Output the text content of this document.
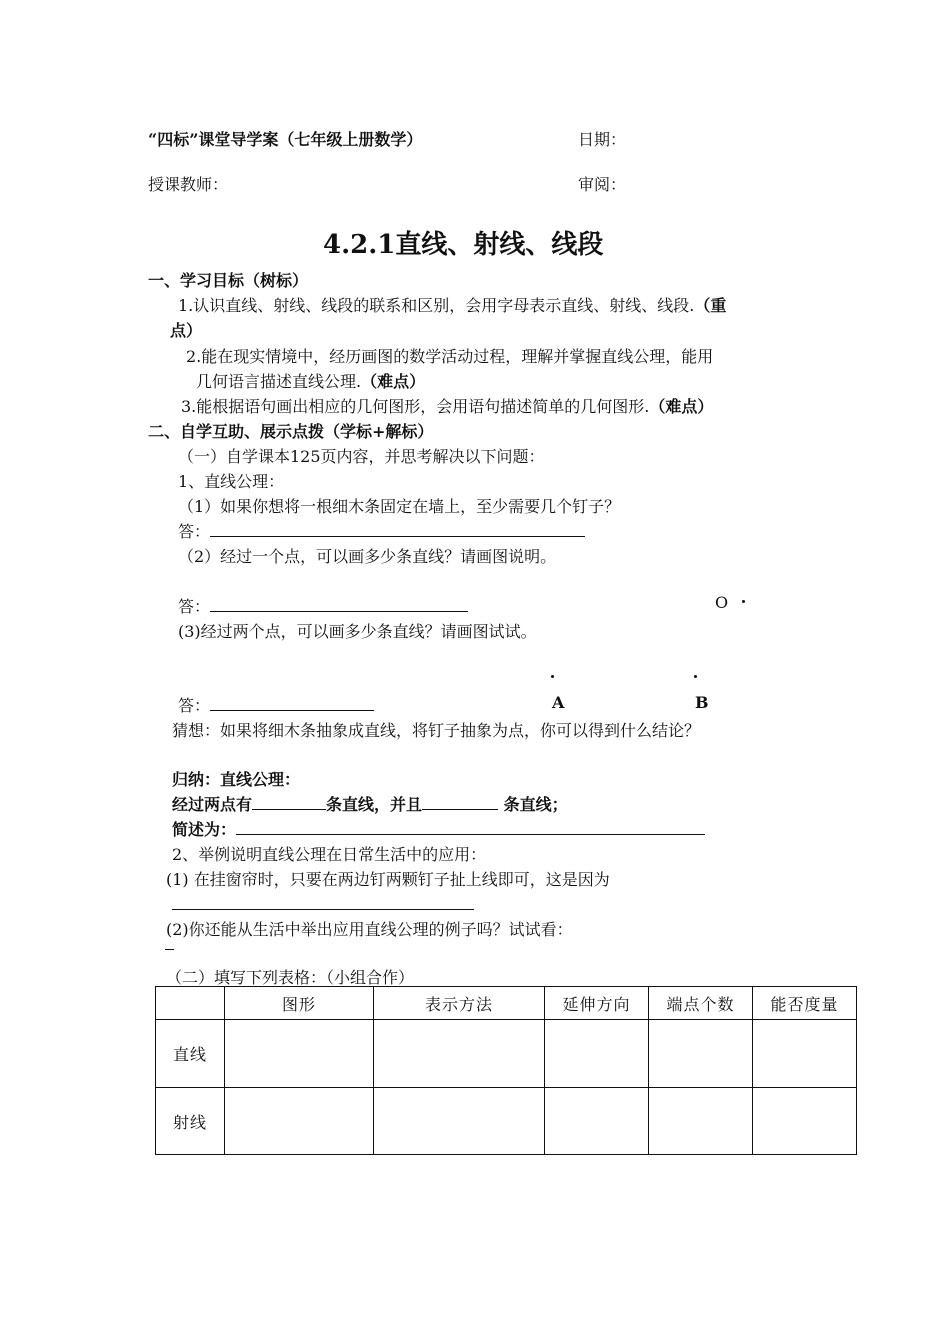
“四标”课堂导学案（七年级上册数学）	日期：
授课教师：	审阅：
4.2.1直线、射线、线段
一、学习目标（树标）
1.认识直线、射线、线段的联系和区别，会用字母表示直线、射线、线段.（重
点）
2.能在现实情境中，经历画图的数学活动过程，理解并掌握直线公理，能用
几何语言描述直线公理.（难点）
3.能根据语句画出相应的几何图形，会用语句描述简单的几何图形.（难点）
二、自学互助、展示点拨（学标+解标）
（一）自学课本125页内容，并思考解决以下问题：
1、直线公理：
（1）如果你想将一根细木条固定在墙上，至少需要几个钉子？
答：
（2）经过一个点，可以画多少条直线？请画图说明。
答：	O
(3)经过两个点，可以画多少条直线？请画图试试。
答：	A	B
猜想：如果将细木条抽象成直线，将钉子抽象为点，你可以得到什么结论？
归纳：直线公理：
经过两点有	条直线，并且	条直线；
简述为：
2、举例说明直线公理在日常生活中的应用：
(1) 在挂窗帘时，只要在两边钉两颗钉子扯上线即可，这是因为
(2)你还能从生活中举出应用直线公理的例子吗？试试看：
（二）填写下列表格：（小组合作）
	图形	表示方法	延伸方向	端点个数	能否度量
直线					
射线					
